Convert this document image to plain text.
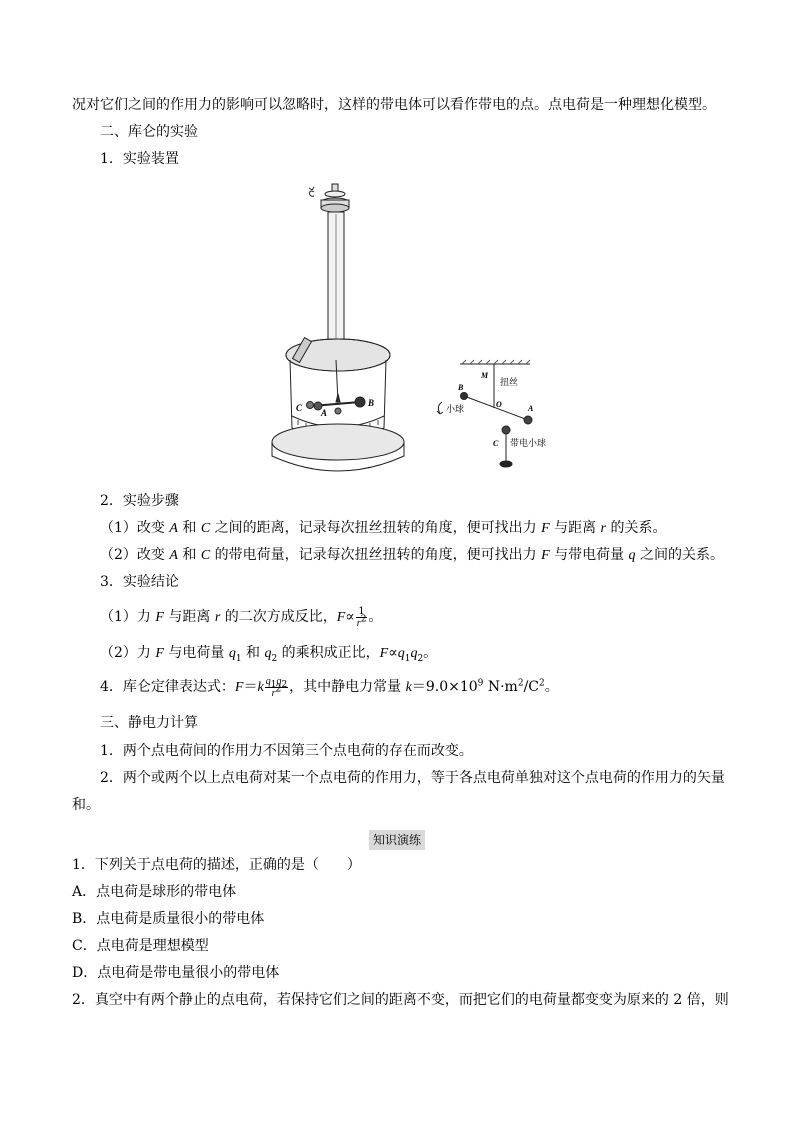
况对它们之间的作用力的影响可以忽略时，这样的带电体可以看作带电的点。点电荷是一种理想化模型。
二、库仑的实验
1．实验装置
C A
B
M
扭丝
B
O
小球	A
C 带电小球
2．实验步骤
（1）改变 A 和 C 之间的距离，记录每次扭丝扭转的角度，便可找出力 F 与距离 r 的关系。
（2）改变 A 和 C 的带电荷量，记录每次扭丝扭转的角度，便可找出力 F 与带电荷量 q 之间的关系。
3．实验结论
（1）力 F 与距离 r 的二次方成反比，$F\propto \frac{1}{r^2}$ 。
（2）力 F 与电荷量 $q_1$ 和 $q_2$ 的乘积成正比，$F\propto q_1q_2$。
4．库仑定律表达式：$F=k \frac{q_1q_2}{r^2}$ ，其中静电力常量 $k=9.0\times 10^9$ $N\cdot m^2/C^2$。
三、静电力计算
1．两个点电荷间的作用力不因第三个点电荷的存在而改变。
2．两个或两个以上点电荷对某一个点电荷的作用力，等于各点电荷单独对这个点电荷的作用力的矢量
和。
知识演练
1．下列关于点电荷的描述，正确的是（　　）
A．点电荷是球形的带电体
B．点电荷是质量很小的带电体
C．点电荷是理想模型
D．点电荷是带电量很小的带电体
2．真空中有两个静止的点电荷，若保持它们之间的距离不变，而把它们的电荷量都变变为原来的 2 倍，则
